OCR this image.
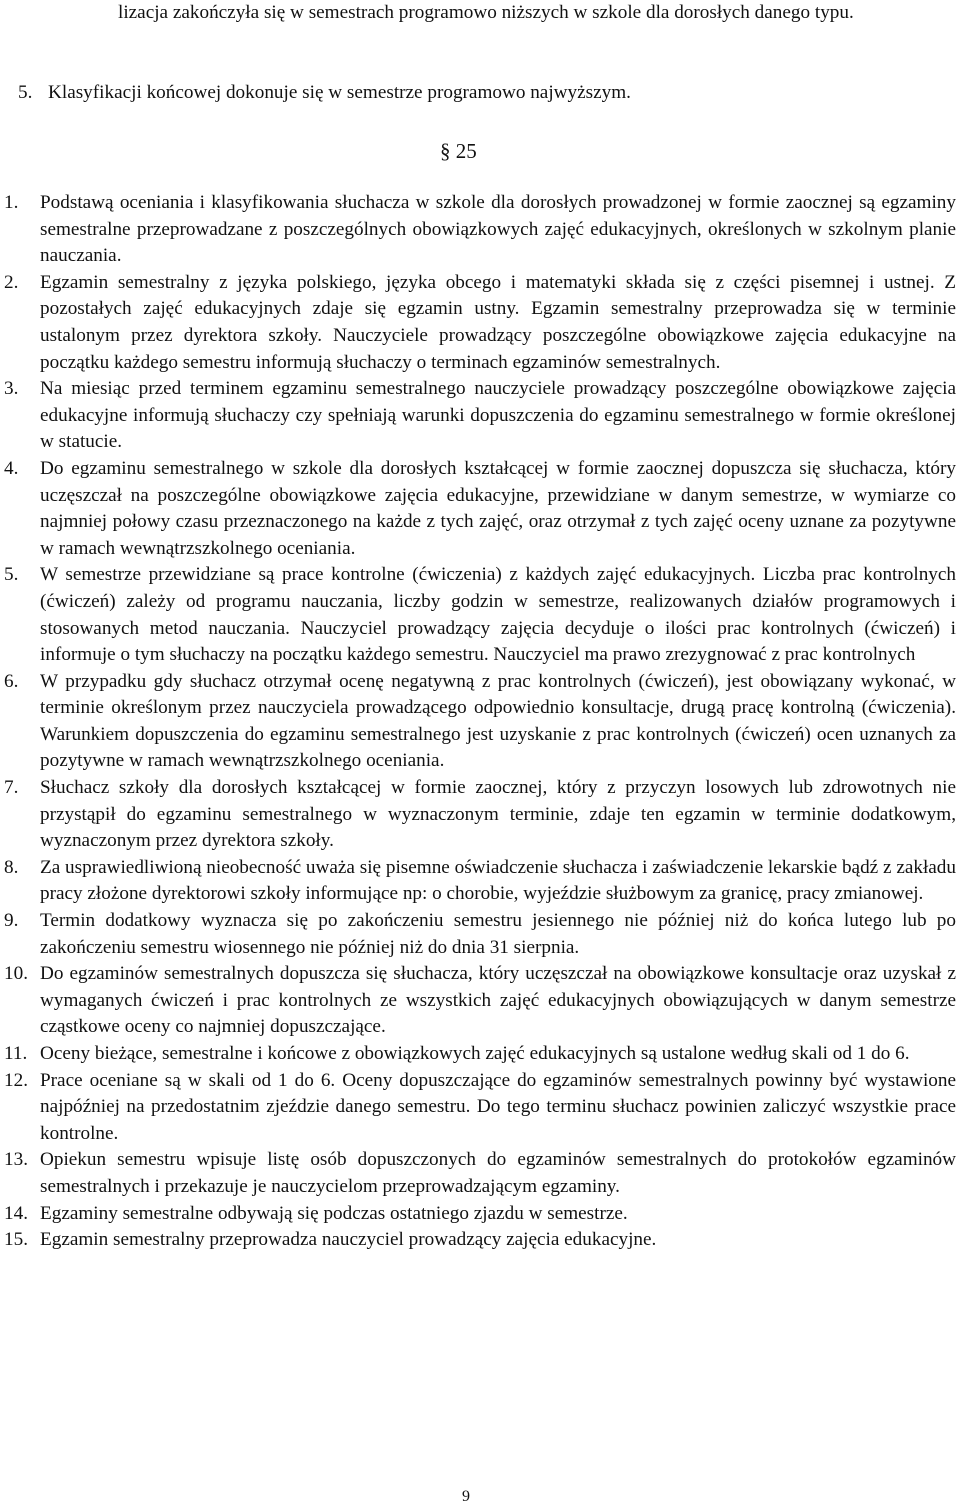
lizacja zakończyła się w semestrach programowo niższych w szkole dla dorosłych danego typu.
5. Klasyfikacji końcowej dokonuje się w semestrze programowo najwyższym.
§ 25
1.	Podstawą oceniania i klasyfikowania słuchacza w szkole dla dorosłych prowadzonej w formie zaocznej są egzaminy semestralne przeprowadzane z poszczególnych obowiązkowych zajęć edukacyjnych, określonych w szkolnym planie nauczania.
2.	Egzamin semestralny z języka polskiego, języka obcego i matematyki składa się z części pisemnej i ustnej. Z pozostałych zajęć edukacyjnych zdaje się egzamin ustny. Egzamin semestralny przeprowadza się w terminie ustalonym przez dyrektora szkoły. Nauczyciele prowadzący poszczególne obowiązkowe zajęcia edukacyjne na początku każdego semestru informują słuchaczy o terminach egzaminów semestralnych.
3.	Na miesiąc przed terminem egzaminu semestralnego nauczyciele prowadzący poszczególne obowiązkowe zajęcia edukacyjne informują słuchaczy czy spełniają warunki dopuszczenia do egzaminu semestralnego w formie określonej w statucie.
4.	Do egzaminu semestralnego w szkole dla dorosłych kształcącej w formie zaocznej dopuszcza się słuchacza, który uczęszczał na poszczególne obowiązkowe zajęcia edukacyjne, przewidziane w danym semestrze, w wymiarze co najmniej połowy czasu przeznaczonego na każde z tych zajęć, oraz otrzymał z tych zajęć oceny uznane za pozytywne w ramach wewnątrzszkolnego oceniania.
5.	W semestrze przewidziane są prace kontrolne (ćwiczenia) z każdych zajęć edukacyjnych. Liczba prac kontrolnych (ćwiczeń) zależy od programu nauczania, liczby godzin w semestrze, realizowanych działów programowych i stosowanych metod nauczania. Nauczyciel prowadzący zajęcia decyduje o ilości prac kontrolnych (ćwiczeń) i informuje o tym słuchaczy na początku każdego semestru. Nauczyciel ma prawo zrezygnować z prac kontrolnych
6.	W przypadku gdy słuchacz otrzymał ocenę negatywną z prac kontrolnych (ćwiczeń), jest obowiązany wykonać, w terminie określonym przez nauczyciela prowadzącego odpowiednio konsultacje, drugą pracę kontrolną (ćwiczenia). Warunkiem dopuszczenia do egzaminu semestralnego jest uzyskanie z prac kontrolnych (ćwiczeń) ocen uznanych za pozytywne w ramach wewnątrzszkolnego oceniania.
7.	Słuchacz szkoły dla dorosłych kształcącej w formie zaocznej, który z przyczyn losowych lub zdrowotnych nie przystąpił do egzaminu semestralnego w wyznaczonym terminie, zdaje ten egzamin w terminie dodatkowym, wyznaczonym przez dyrektora szkoły.
8.	Za usprawiedliwioną nieobecność uważa się pisemne oświadczenie słuchacza i zaświadczenie lekarskie bądź z zakładu pracy złożone dyrektorowi szkoły informujące np: o chorobie, wyjeździe służbowym za granicę, pracy zmianowej.
9.	Termin dodatkowy wyznacza się po zakończeniu semestru jesiennego nie później niż do końca lutego lub po zakończeniu semestru wiosennego nie później niż do dnia 31 sierpnia.
10. Do egzaminów semestralnych dopuszcza się słuchacza, który uczęszczał na obowiązkowe konsultacje oraz uzyskał z wymaganych ćwiczeń i prac kontrolnych ze wszystkich zajęć edukacyjnych obowiązujących w danym semestrze cząstkowe oceny co najmniej dopuszczające.
11. Oceny bieżące, semestralne i końcowe z obowiązkowych zajęć edukacyjnych są ustalone według skali od 1 do 6.
12. Prace oceniane są w skali od 1 do 6. Oceny dopuszczające do egzaminów semestralnych powinny być wystawione najpóźniej na przedostatnim zjeździe danego semestru. Do tego terminu słuchacz powinien zaliczyć wszystkie prace kontrolne.
13. Opiekun semestru wpisuje listę osób dopuszczonych do egzaminów semestralnych do protokołów egzaminów semestralnych i przekazuje je nauczycielom przeprowadzającym egzaminy.
14. Egzaminy semestralne odbywają się podczas ostatniego zjazdu w semestrze.
15. Egzamin semestralny przeprowadza nauczyciel prowadzący zajęcia edukacyjne.
9
